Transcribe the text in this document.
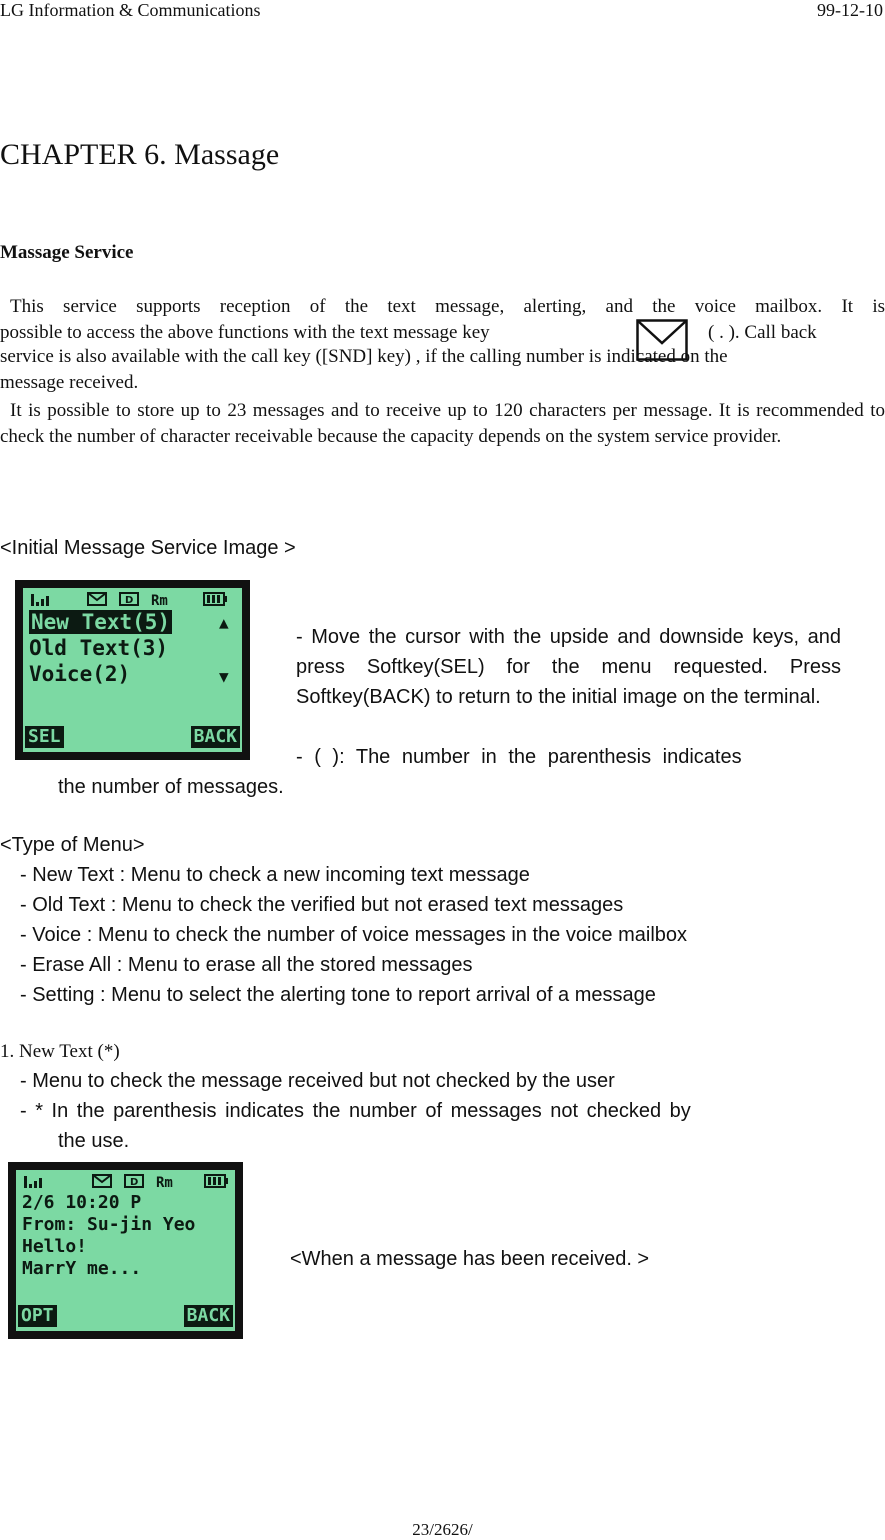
LG Information & Communications	99-12-10
CHAPTER 6. Massage
Massage Service
This service supports reception of the text message, alerting, and the voice mailbox. It is
possible to access the above functions with the text message key	( . ). Call back
service is also available with the call key ([SND] key) , if the calling number is indicated on the
message received.
It is possible to store up to 23 messages and to receive up to 120 characters per message. It is recommended to check the number of character receivable because the capacity depends on the system service provider.
<Initial Message Service Image >
D Rm
New Text(5)	▲
Old Text(3)
Voice(2)	▼
SEL	BACK
- Move the cursor with the upside and downside keys, and press Softkey(SEL) for the menu requested. Press Softkey(BACK) to return to the initial image on the terminal.
- ( ): The number in the parenthesis indicates
the number of messages.
<Type of Menu>
- New Text : Menu to check a new incoming text message
- Old Text : Menu to check the verified but not erased text messages
- Voice : Menu to check the number of voice messages in the voice mailbox
- Erase All : Menu to erase all the stored messages
- Setting : Menu to select the alerting tone to report arrival of a message
1. New Text (*)
- Menu to check the message received but not checked by the user
- * In the parenthesis indicates the number of messages not checked by
the use.
D Rm
2/6 10:20 P
From: Su-jin Yeo
Hello!
MarrY me...
OPT	BACK
<When a message has been received. >
23/2626/
